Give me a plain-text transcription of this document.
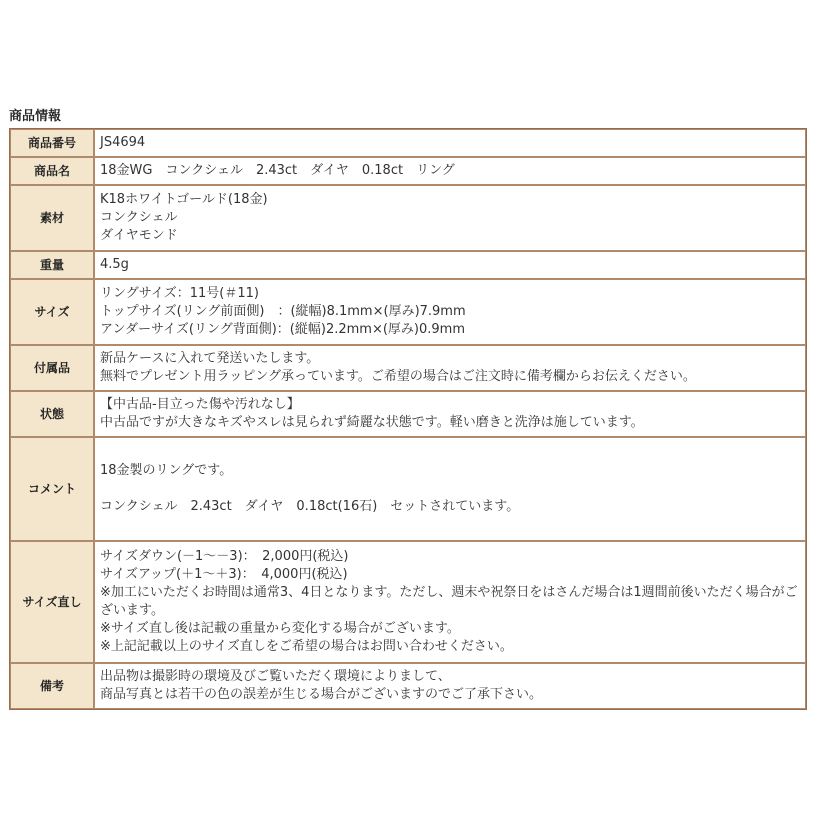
商品情報
商品番号	JS4694
商品名	18金WG　コンクシェル　2.43ct　ダイヤ　0.18ct　リング
素材	K18ホワイトゴールド(18金)
コンクシェル
ダイヤモンド

重量	4.5g
サイズ	リングサイズ：11号(＃11)
トップサイズ(リング前面側)　：(縦幅)8.1mm×(厚み)7.9mm
アンダーサイズ(リング背面側)：(縦幅)2.2mm×(厚み)0.9mm

付属品	新品ケースに入れて発送いたします。
無料でプレゼント用ラッピング承っています。ご希望の場合はご注文時に備考欄からお伝えください。

状態	【中古品-目立った傷や汚れなし】
中古品ですが大きなキズやスレは見られず綺麗な状態です。軽い磨きと洗浄は施しています。

コメント	18金製のリングです。
コンクシェル　2.43ct　ダイヤ　0.18ct(16石)　セットされています。

サイズ直し	サイズダウン(－1～－3)：　2,000円(税込)
サイズアップ(＋1～＋3)：　4,000円(税込)
※加工にいただくお時間は通常3、4日となります。ただし、週末や祝祭日をはさんだ場合は1週間前後いただく場合がございます。
※サイズ直し後は記載の重量から変化する場合がございます。
※上記記載以上のサイズ直しをご希望の場合はお問い合わせください。

備考	出品物は撮影時の環境及びご覧いただく環境によりまして、
商品写真とは若干の色の誤差が生じる場合がございますのでご了承下さい。
